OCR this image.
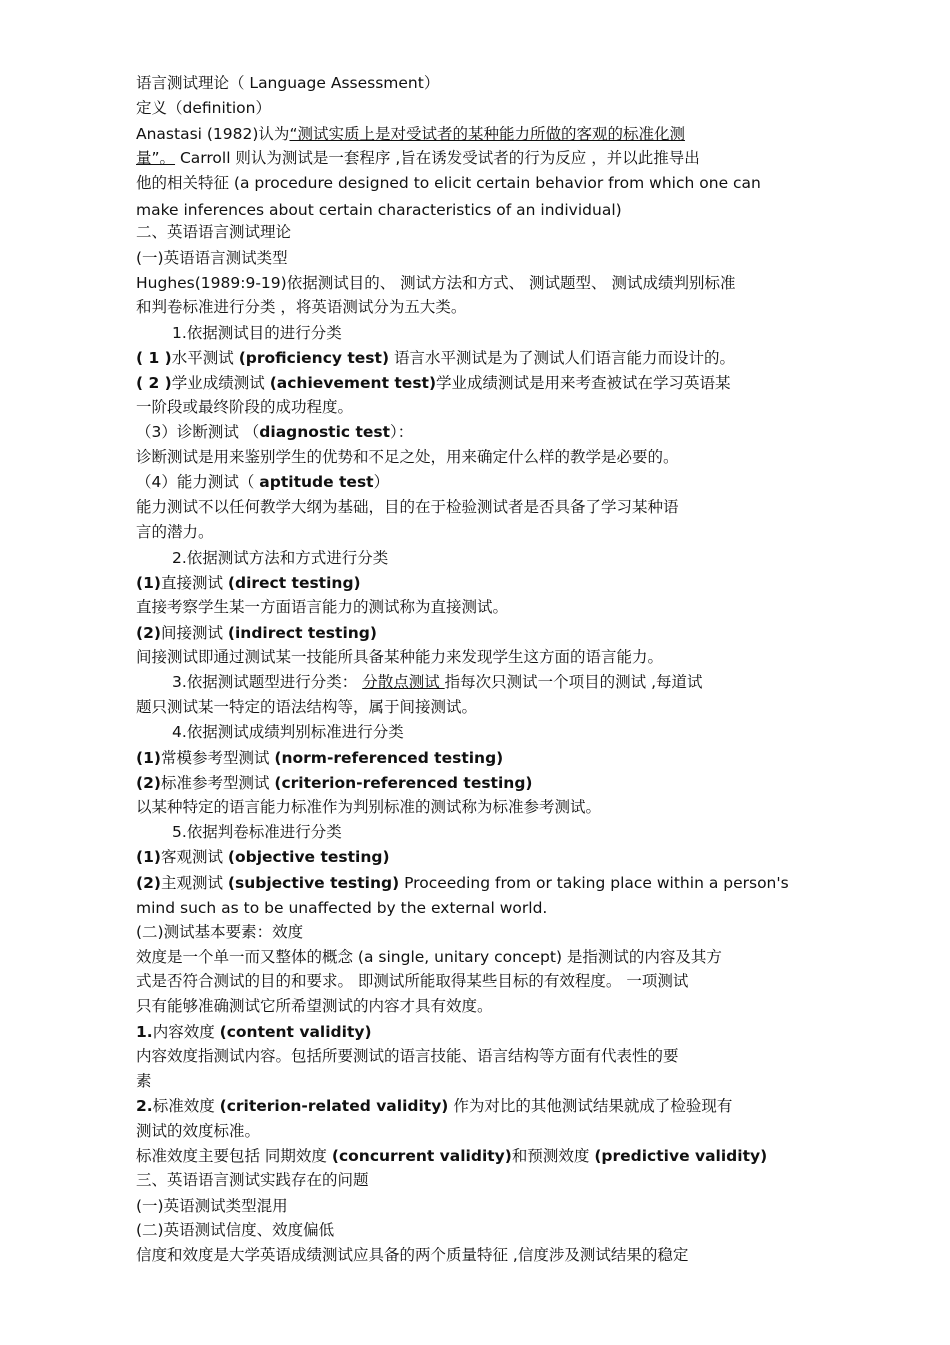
语言测试理论（ Language Assessment）
定义（definition）
Anastasi (1982)认为“测试实质上是对受试者的某种能力所做的客观的标准化测
量”。 Carroll 则认为测试是一套程序 ,旨在诱发受试者的行为反应 ，并以此推导出
他的相关特征 (a procedure designed to elicit certain behavior from which one can
make inferences about certain characteristics of an individual)
二、英语语言测试理论
(一)英语语言测试类型
Hughes(1989:9-19)依据测试目的、 测试方法和方式、 测试题型、 测试成绩判别标准
和判卷标准进行分类 ，将英语测试分为五大类。
1.依据测试目的进行分类
( 1 )水平测试 (proficiency test) 语言水平测试是为了测试人们语言能力而设计的。
( 2 )学业成绩测试 (achievement test)学业成绩测试是用来考查被试在学习英语某
一阶段或最终阶段的成功程度。
（3）诊断测试 （diagnostic test）：
诊断测试是用来鉴别学生的优势和不足之处，用来确定什么样的教学是必要的。
（4）能力测试（ aptitude test）
能力测试不以任何教学大纲为基础，目的在于检验测试者是否具备了学习某种语
言的潜力。
2.依据测试方法和方式进行分类
(1)直接测试 (direct testing)
直接考察学生某一方面语言能力的测试称为直接测试。
(2)间接测试 (indirect testing)
间接测试即通过测试某一技能所具备某种能力来发现学生这方面的语言能力。
3.依据测试题型进行分类： 分散点测试 指每次只测试一个项目的测试 ,每道试
题只测试某一特定的语法结构等，属于间接测试。
4.依据测试成绩判别标准进行分类
(1)常模参考型测试 (norm-referenced testing)
(2)标准参考型测试 (criterion-referenced testing)
以某种特定的语言能力标准作为判别标准的测试称为标准参考测试。
5.依据判卷标准进行分类
(1)客观测试 (objective testing)
(2)主观测试 (subjective testing) Proceeding from or taking place within a person's
mind such as to be unaffected by the external world.
(二)测试基本要素：效度
效度是一个单一而又整体的概念 (a single, unitary concept) 是指测试的内容及其方
式是否符合测试的目的和要求。 即测试所能取得某些目标的有效程度。 一项测试
只有能够准确测试它所希望测试的内容才具有效度。
1.内容效度 (content validity)
内容效度指测试内容。包括所要测试的语言技能、语言结构等方面有代表性的要
素
2.标准效度 (criterion-related validity) 作为对比的其他测试结果就成了检验现有
测试的效度标准。
标准效度主要包括 同期效度 (concurrent validity)和预测效度 (predictive validity)
三、英语语言测试实践存在的问题
(一)英语测试类型混用
(二)英语测试信度、效度偏低
信度和效度是大学英语成绩测试应具备的两个质量特征 ,信度涉及测试结果的稳定
